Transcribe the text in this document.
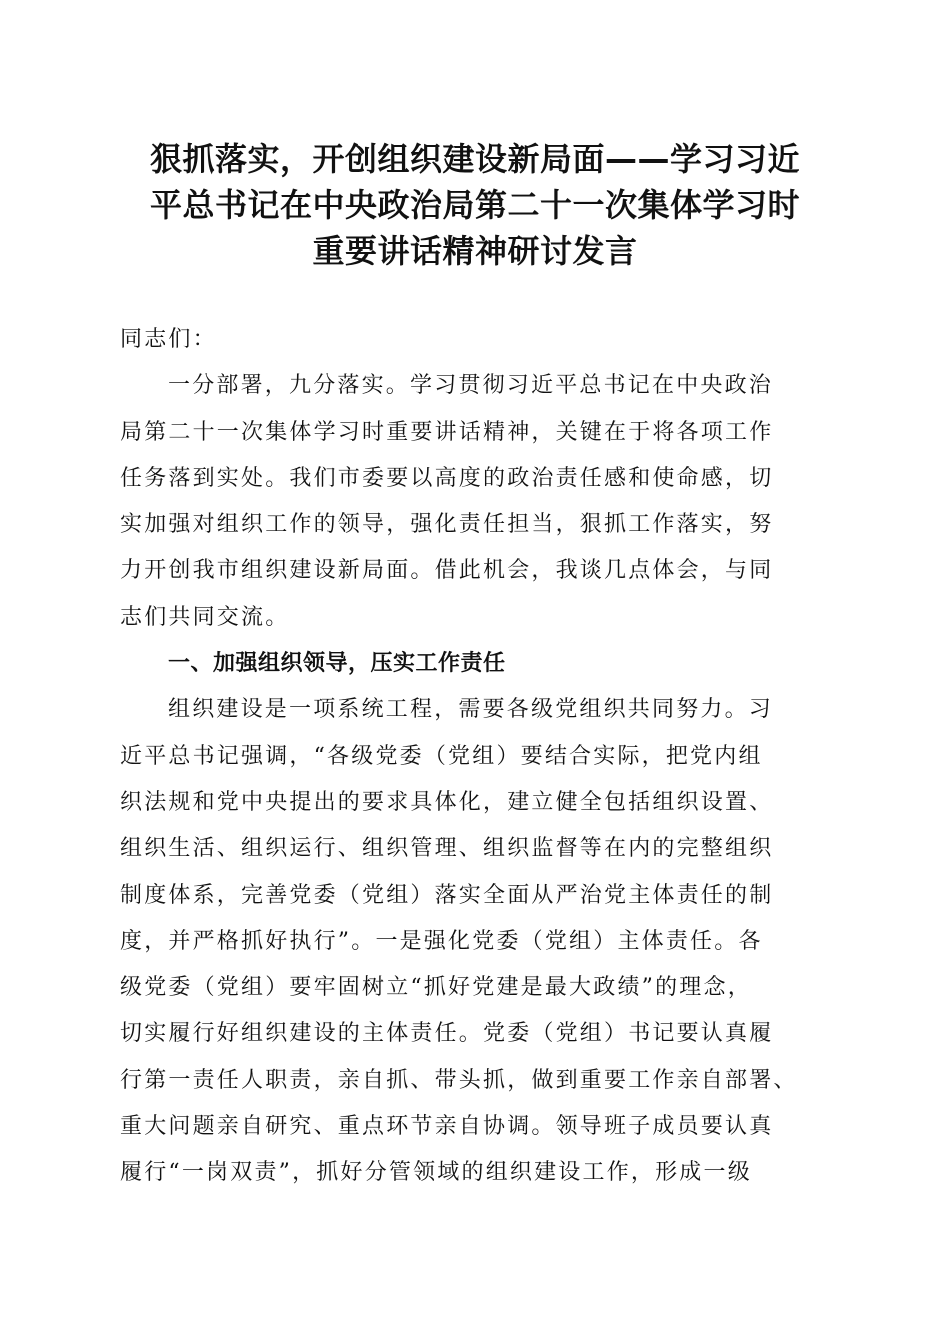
狠抓落实，开创组织建设新局面——学习习近
平总书记在中央政治局第二十一次集体学习时
重要讲话精神研讨发言
同志们：
一分部署，九分落实。学习贯彻习近平总书记在中央政治
局第二十一次集体学习时重要讲话精神，关键在于将各项工作
任务落到实处。我们市委要以高度的政治责任感和使命感，切
实加强对组织工作的领导，强化责任担当，狠抓工作落实，努
力开创我市组织建设新局面。借此机会，我谈几点体会，与同
志们共同交流。
一、加强组织领导，压实工作责任
组织建设是一项系统工程，需要各级党组织共同努力。习
近平总书记强调，“各级党委（党组）要结合实际，把党内组
织法规和党中央提出的要求具体化，建立健全包括组织设置、
组织生活、组织运行、组织管理、组织监督等在内的完整组织
制度体系，完善党委（党组）落实全面从严治党主体责任的制
度，并严格抓好执行”。一是强化党委（党组）主体责任。各
级党委（党组）要牢固树立“抓好党建是最大政绩”的理念，
切实履行好组织建设的主体责任。党委（党组）书记要认真履
行第一责任人职责，亲自抓、带头抓，做到重要工作亲自部署、
重大问题亲自研究、重点环节亲自协调。领导班子成员要认真
履行“一岗双责”，抓好分管领域的组织建设工作，形成一级
